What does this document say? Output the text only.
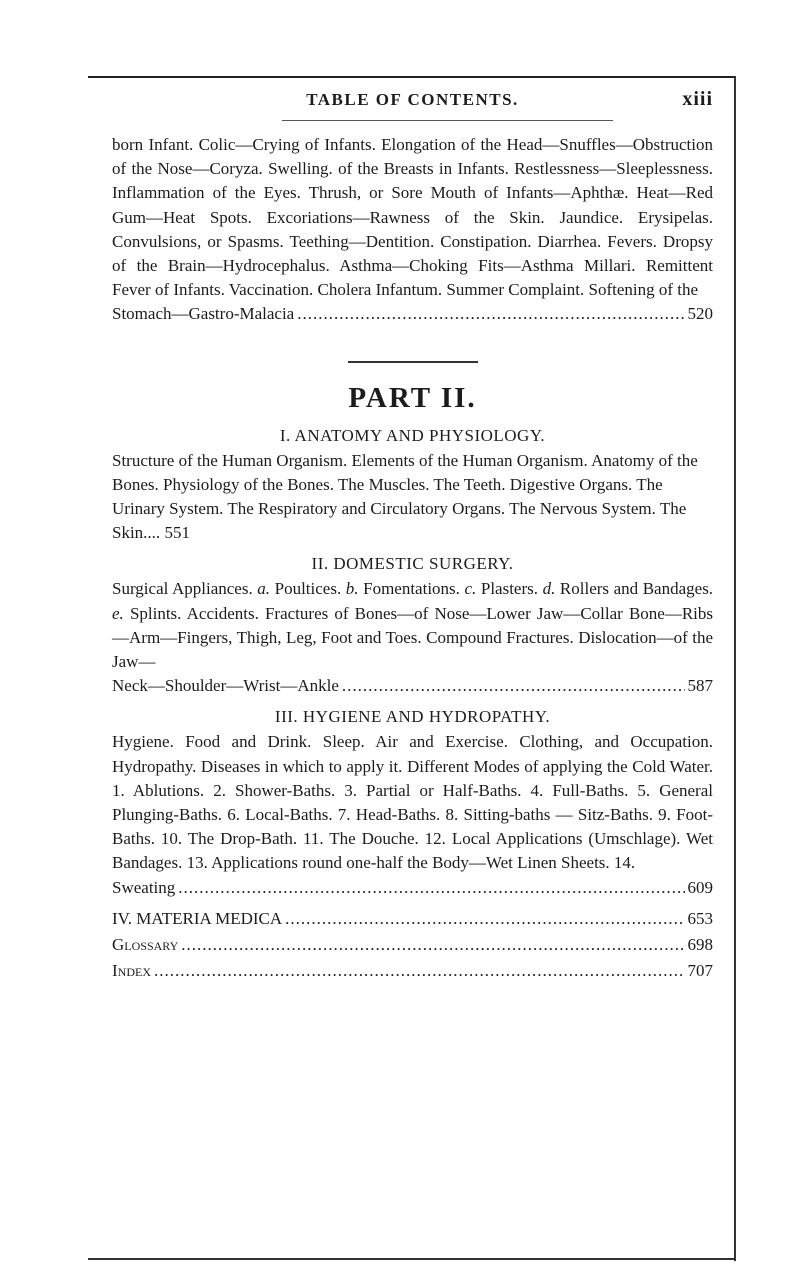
TABLE OF CONTENTS.	xiii

born Infant. Colic—Crying of Infants. Elongation of the Head—Snuffles—Obstruction of the Nose—Coryza. Swelling. of the Breasts in Infants. Restlessness—Sleeplessness. Inflammation of the Eyes. Thrush, or Sore Mouth of Infants—Aphthæ. Heat—Red Gum—Heat Spots. Excoriations—Rawness of the Skin. Jaundice. Erysipelas. Convulsions, or Spasms. Teething—Dentition. Constipation. Diarrhea. Fevers. Dropsy of the Brain—Hydrocephalus. Asthma—Choking Fits—Asthma Millari. Remittent Fever of Infants. Vaccination. Cholera Infantum. Summer Complaint. Softening of the

Stomach—Gastro-Malacia .....	520
PART II.
I. ANATOMY AND PHYSIOLOGY.

Structure of the Human Organism. Elements of the Human Organism. Anatomy of the Bones. Physiology of the Bones. The Muscles. The Teeth. Digestive Organs. The Urinary System. The Respiratory and Circulatory Organs. The Nervous System. The Skin.... 551
II. DOMESTIC SURGERY.

Surgical Appliances. a. Poultices. b. Fomentations. c. Plasters. d. Rollers and Bandages. e. Splints. Accidents. Fractures of Bones—of Nose—Lower Jaw—Collar Bone—Ribs—Arm—Fingers, Thigh, Leg, Foot and Toes. Compound Fractures. Dislocation—of the Jaw—

Neck—Shoulder—Wrist—Ankle .....	587
III. HYGIENE AND HYDROPATHY.

Hygiene. Food and Drink. Sleep. Air and Exercise. Clothing, and Occupation. Hydropathy. Diseases in which to apply it. Different Modes of applying the Cold Water. 1. Ablutions. 2. Shower-Baths. 3. Partial or Half-Baths. 4. Full-Baths. 5. General Plunging-Baths. 6. Local-Baths. 7. Head-Baths. 8. Sitting-baths — Sitz-Baths. 9. Foot-Baths. 10. The Drop-Bath. 11. The Douche. 12. Local Applications (Umschlage). Wet Bandages. 13. Applications round one-half the Body—Wet Linen Sheets. 14.

Sweating .....	609
IV. MATERIA MEDICA .....	653
Glossary .....	698
Index .....	707
